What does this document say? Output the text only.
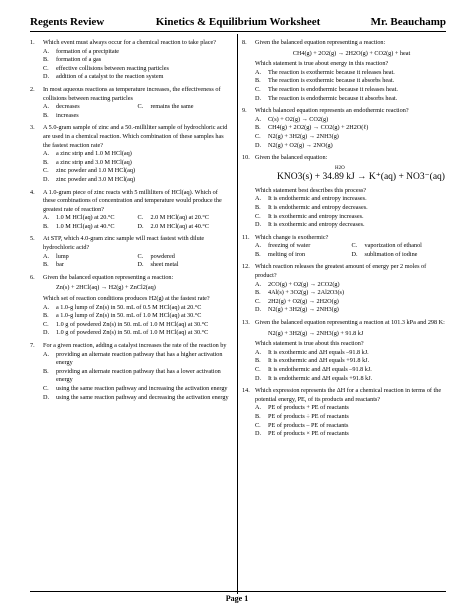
Regents Review	Kinetics & Equilibrium Worksheet	Mr. Beauchamp
1. Which event must always occur for a chemical reaction to take place?
A. formation of a precipitate
B. formation of a gas
C. effective collisions between reacting particles
D. addition of a catalyst to the reaction system
2. In most aqueous reactions as temperature increases, the effectiveness of collisions between reacting particles
A. decreases	C. remains the same
B. increases
3. A 5.0-gram sample of zinc and a 50.-milliliter sample of hydrochloric acid are used in a chemical reaction. Which combination of these samples has the fastest reaction rate?
A. a zinc strip and 1.0 M HCl(aq)
B. a zinc strip and 3.0 M HCl(aq)
C. zinc powder and 1.0 M HCl(aq)
D. zinc powder and 3.0 M HCl(aq)
4. A 1.0-gram piece of zinc reacts with 5 milliliters of HCl(aq). Which of these combinations of concentration and temperature would produce the greatest rate of reaction?
A. 1.0 M HCl(aq) at 20.°C	C. 2.0 M HCl(aq) at 20.°C
B. 1.0 M HCl(aq) at 40.°C	D. 2.0 M HCl(aq) at 40.°C
5. At STP, which 4.0-gram zinc sample will react fastest with dilute hydrochloric acid?
A. lump	C. powdered
B. bar	D. sheet metal
6. Given the balanced equation representing a reaction:
Zn(s) + 2HCl(aq) → H2(g) + ZnCl2(aq)
Which set of reaction conditions produces H2(g) at the fastest rate?
A. a 1.0-g lump of Zn(s) in 50. mL of 0.5 M HCl(aq) at 20.°C
B. a 1.0-g lump of Zn(s) in 50. mL of 1.0 M HCl(aq) at 30.°C
C. 1.0 g of powdered Zn(s) in 50. mL of 1.0 M HCl(aq) at 30.°C
D. 1.0 g of powdered Zn(s) in 50. mL of 1.0 M HCl(aq) at 30.°C
7. For a given reaction, adding a catalyst increases the rate of the reaction by
A. providing an alternate reaction pathway that has a higher activation energy
B. providing an alternate reaction pathway that has a lower activation energy
C. using the same reaction pathway and increasing the activation energy
D. using the same reaction pathway and decreasing the activation energy
8. Given the balanced equation representing a reaction:
CH4(g) + 2O2(g) → 2H2O(g) + CO2(g) + heat
Which statement is true about energy in this reaction?
A. The reaction is exothermic because it releases heat.
B. The reaction is exothermic because it absorbs heat.
C. The reaction is endothermic because it releases heat.
D. The reaction is endothermic because it absorbs heat.
9. Which balanced equation represents an endothermic reaction?
A. C(s) + O2(g) → CO2(g)
B. CH4(g) + 2O2(g) → CO2(g) + 2H2O(ℓ)
C. N2(g) + 3H2(g) → 2NH3(g)
D. N2(g) + O2(g) → 2NO(g)
10. Given the balanced equation:
H2O
KNO3(s) + 34.89 kJ → K⁺(aq) + NO3⁻(aq)
Which statement best describes this process?
A. It is endothermic and entropy increases.
B. It is endothermic and entropy decreases.
C. It is exothermic and entropy increases.
D. It is exothermic and entropy decreases.
11. Which change is exothermic?
A. freezing of water	C. vaporization of ethanol
B. melting of iron	D. sublimation of iodine
12. Which reaction releases the greatest amount of energy per 2 moles of product?
A. 2CO(g) + O2(g) → 2CO2(g)
B. 4Al(s) + 3O2(g) → 2Al2O3(s)
C. 2H2(g) + O2(g) → 2H2O(g)
D. N2(g) + 3H2(g) → 2NH3(g)
13. Given the balanced equation representing a reaction at 101.3 kPa and 298 K:
N2(g) + 3H2(g) → 2NH3(g) + 91.8 kJ
Which statement is true about this reaction?
A. It is exothermic and ΔH equals –91.8 kJ.
B. It is exothermic and ΔH equals +91.8 kJ.
C. It is endothermic and ΔH equals –91.8 kJ.
D. It is endothermic and ΔH equals +91.8 kJ.
14. Which expression represents the ΔH for a chemical reaction in terms of the potential energy, PE, of its products and reactants?
A. PE of products + PE of reactants
B. PE of products ÷ PE of reactants
C. PE of products – PE of reactants
D. PE of products × PE of reactants
Page 1
